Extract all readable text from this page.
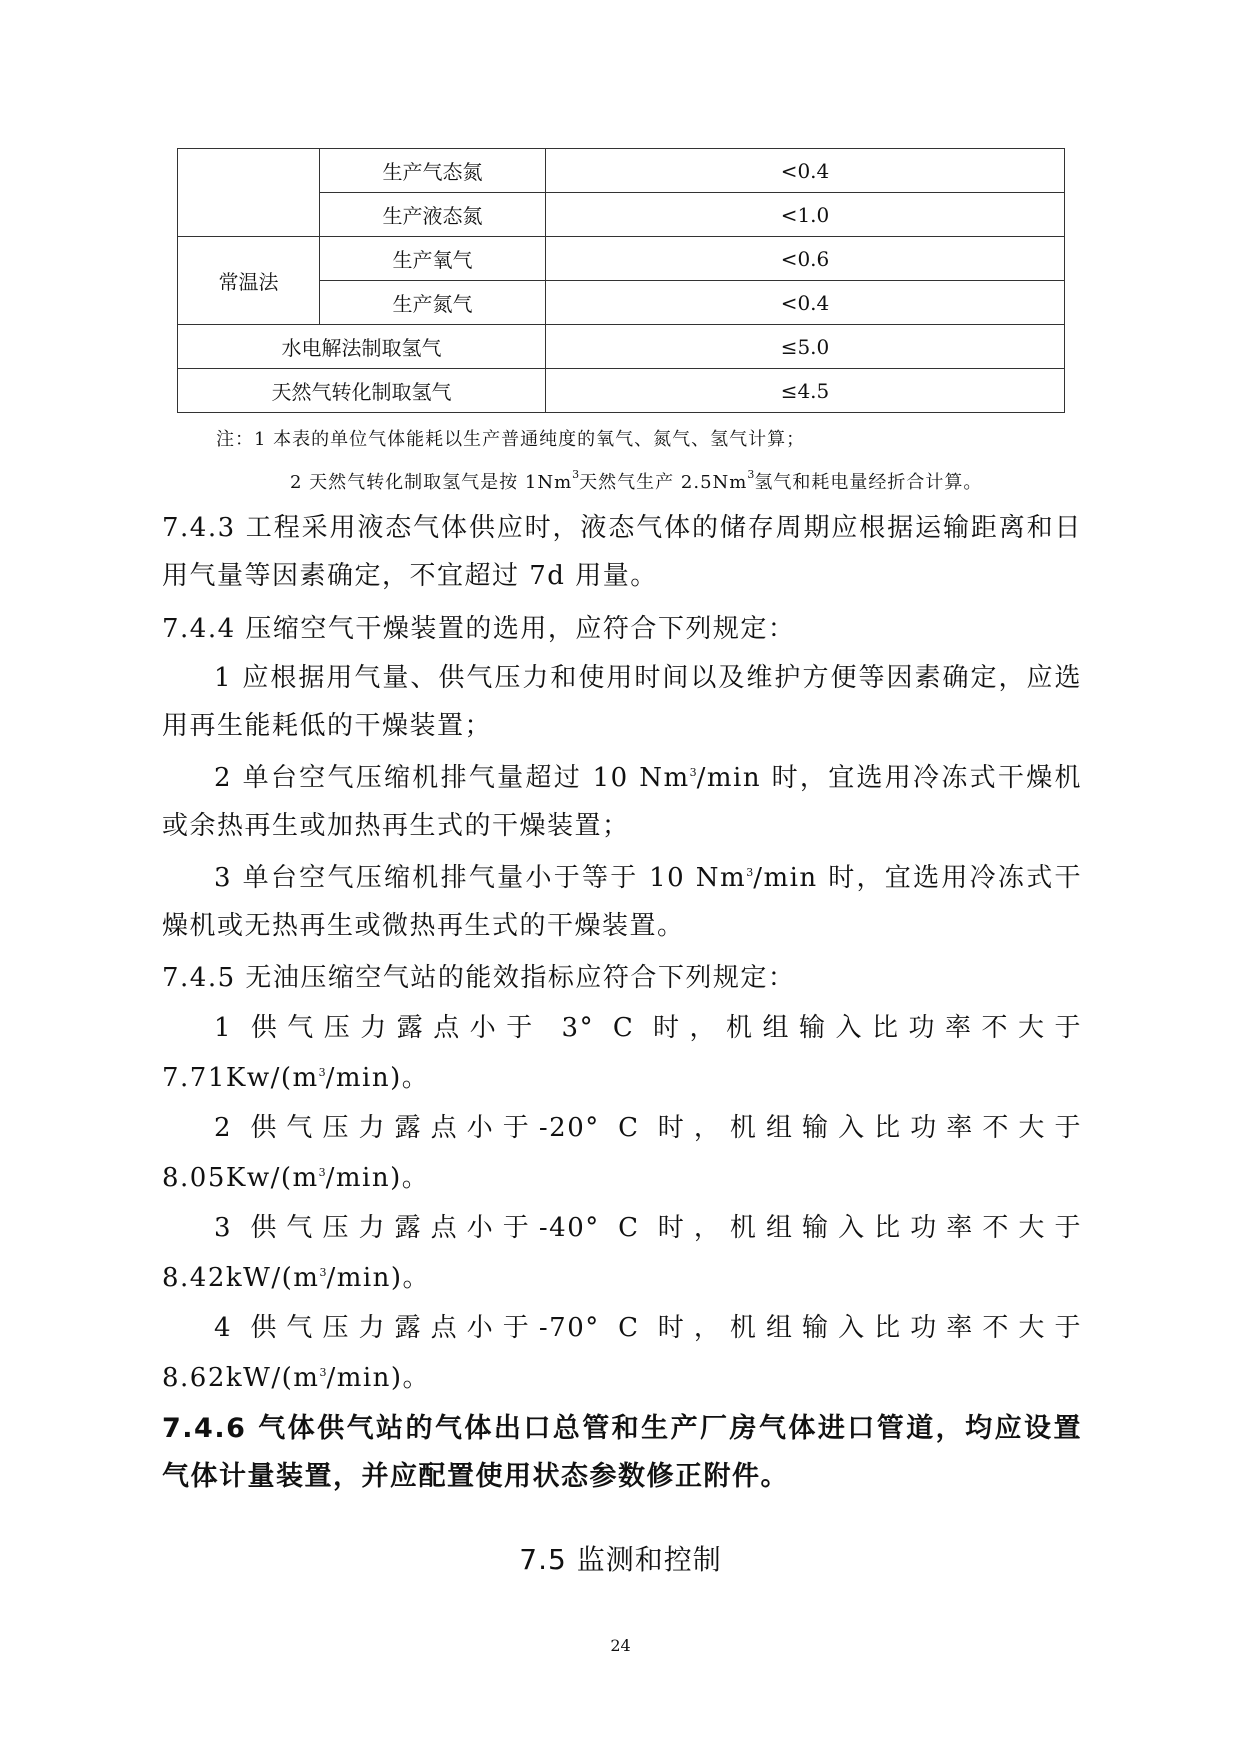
	生产气态氮	<0.4
	生产液态氮	<1.0
常温法	生产氧气	<0.6
	生产氮气	<0.4
水电解法制取氢气		≤5.0
天然气转化制取氢气		≤4.5
注：1 本表的单位气体能耗以生产普通纯度的氧气、氮气、氢气计算；
2 天然气转化制取氢气是按 1Nm$^3$天然气生产 2.5Nm$^3$氢气和耗电量经折合计算。

7.4.3 工程采用液态气体供应时，液态气体的储存周期应根据运输距离和日用气量等因素确定，不宜超过 7d 用量。

7.4.4 压缩空气干燥装置的选用，应符合下列规定：

1 应根据用气量、供气压力和使用时间以及维护方便等因素确定，应选用再生能耗低的干燥装置；

2 单台空气压缩机排气量超过 10 Nm$^3$/min 时，宜选用冷冻式干燥机或余热再生或加热再生式的干燥装置；

3 单台空气压缩机排气量小于等于 10 Nm$^3$/min 时，宜选用冷冻式干燥机或无热再生或微热再生式的干燥装置。

7.4.5 无油压缩空气站的能效指标应符合下列规定：

1 供气压力露点小于 3° C 时，机组输入比功率不大于

$7.71Kw/(m^3/\min)$。

2 供气压力露点小于-20° C 时，机组输入比功率不大于

$8.05Kw/(m^3/\min)$。

3 供气压力露点小于-40° C 时，机组输入比功率不大于

$8.42kW/(m^3/\min)$。

4 供气压力露点小于-70° C 时，机组输入比功率不大于

$8.62kW/(m^3/\min)$。

7.4.6 气体供气站的气体出口总管和生产厂房气体进口管道，均应设置气体计量装置，并应配置使用状态参数修正附件。

7.5 监测和控制
24
